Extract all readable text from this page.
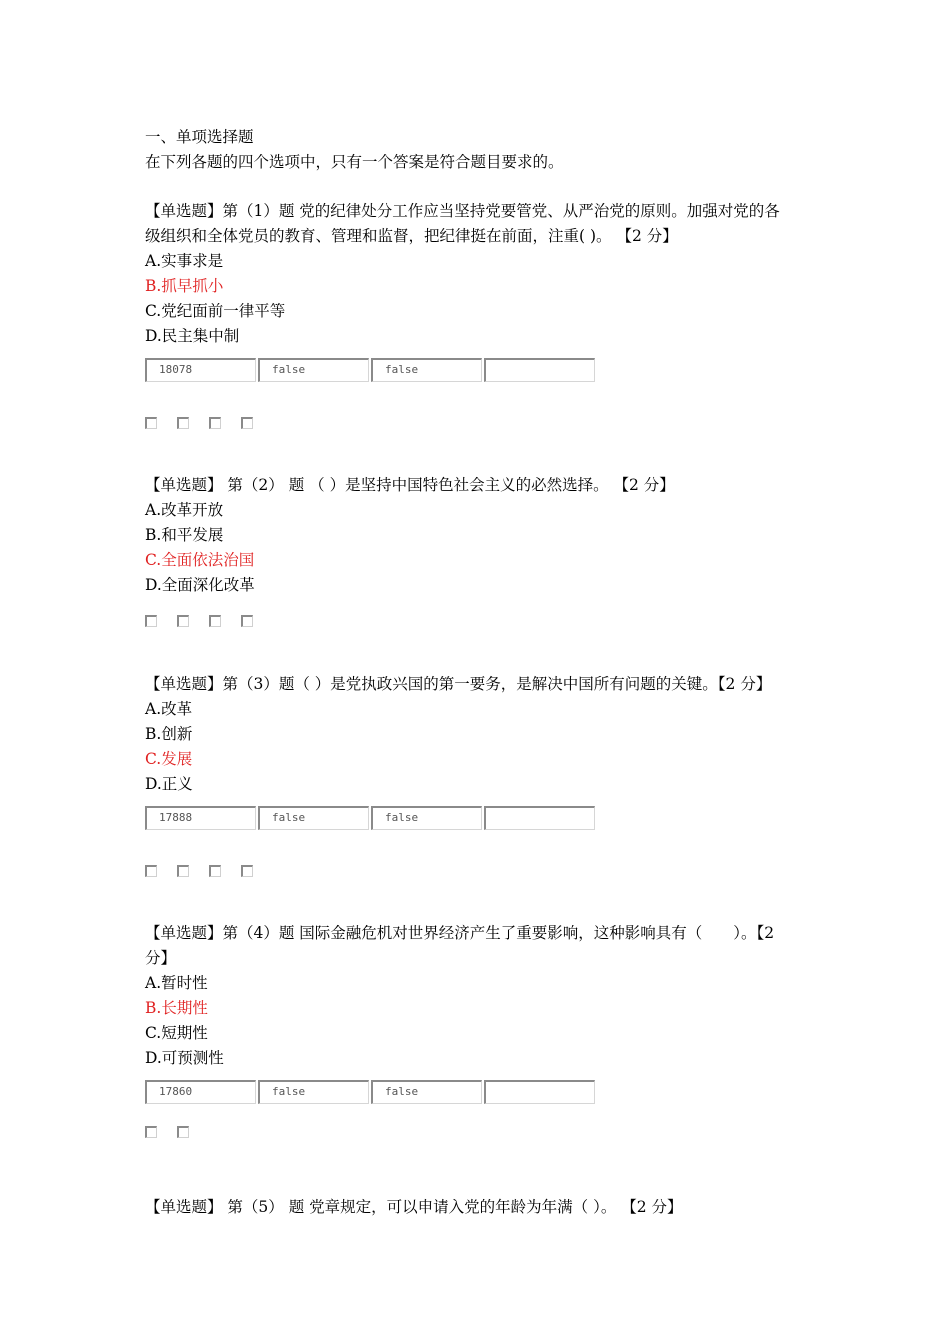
一、单项选择题
在下列各题的四个选项中，只有一个答案是符合题目要求的。
【单选题】第（1）题 党的纪律处分工作应当坚持党要管党、从严治党的原则。加强对党的各
级组织和全体党员的教育、管理和监督，把纪律挺在前面，注重( )。 【2 分】
A.实事求是
B.抓早抓小
C.党纪面前一律平等
D.民主集中制
18078	false	false
【单选题】 第（2） 题 （ ）是坚持中国特色社会主义的必然选择。 【2 分】
A.改革开放
B.和平发展
C.全面依法治国
D.全面深化改革
【单选题】第（3）题（ ）是党执政兴国的第一要务，是解决中国所有问题的关键。【2 分】
A.改革
B.创新
C.发展
D.正义
17888	false	false
【单选题】第（4）题 国际金融危机对世界经济产生了重要影响，这种影响具有（　　）。【2
分】
A.暂时性
B.长期性
C.短期性
D.可预测性
17860	false	false
【单选题】 第（5） 题 党章规定，可以申请入党的年龄为年满（ ）。 【2 分】
